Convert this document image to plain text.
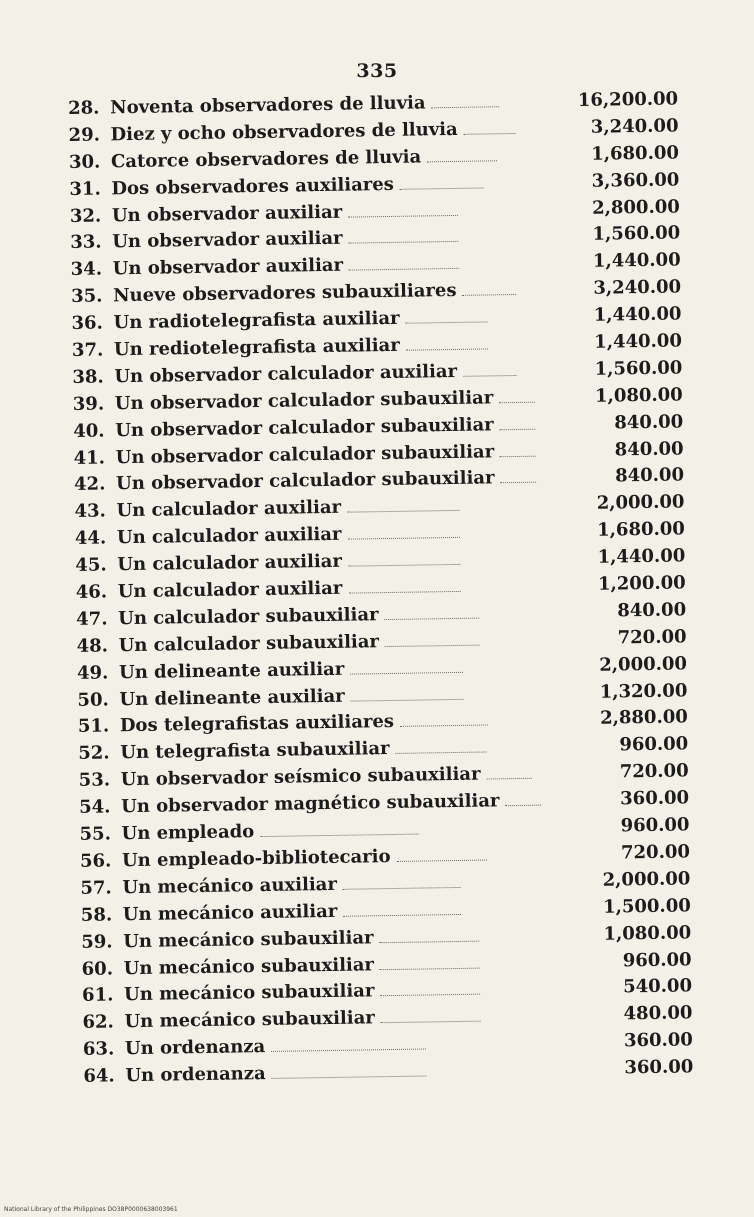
335
28. Noventa observadores de lluvia	16,200.00
29. Diez y ocho observadores de lluvia	3,240.00
30. Catorce observadores de lluvia	1,680.00
31. Dos observadores auxiliares	3,360.00
32. Un observador auxiliar	2,800.00
33. Un observador auxiliar	1,560.00
34. Un observador auxiliar	1,440.00
35. Nueve observadores subauxiliares	3,240.00
36. Un radiotelegrafista auxiliar	1,440.00
37. Un rediotelegrafista auxiliar	1,440.00
38. Un observador calculador auxiliar	1,560.00
39. Un observador calculador subauxiliar	1,080.00
40. Un observador calculador subauxiliar	840.00
41. Un observador calculador subauxiliar	840.00
42. Un observador calculador subauxiliar	840.00
43. Un calculador auxiliar	2,000.00
44. Un calculador auxiliar	1,680.00
45. Un calculador auxiliar	1,440.00
46. Un calculador auxiliar	1,200.00
47. Un calculador subauxiliar	840.00
48. Un calculador subauxiliar	720.00
49. Un delineante auxiliar	2,000.00
50. Un delineante auxiliar	1,320.00
51. Dos telegrafistas auxiliares	2,880.00
52. Un telegrafista subauxiliar	960.00
53. Un observador seísmico subauxiliar	720.00
54. Un observador magnético subauxiliar	360.00
55. Un empleado	960.00
56. Un empleado-bibliotecario	720.00
57. Un mecánico auxiliar	2,000.00
58. Un mecánico auxiliar	1,500.00
59. Un mecánico subauxiliar	1,080.00
60. Un mecánico subauxiliar	960.00
61. Un mecánico subauxiliar	540.00
62. Un mecánico subauxiliar	480.00
63. Un ordenanza	360.00
64. Un ordenanza	360.00
National Library of the Philippines DO38P0000638003961
